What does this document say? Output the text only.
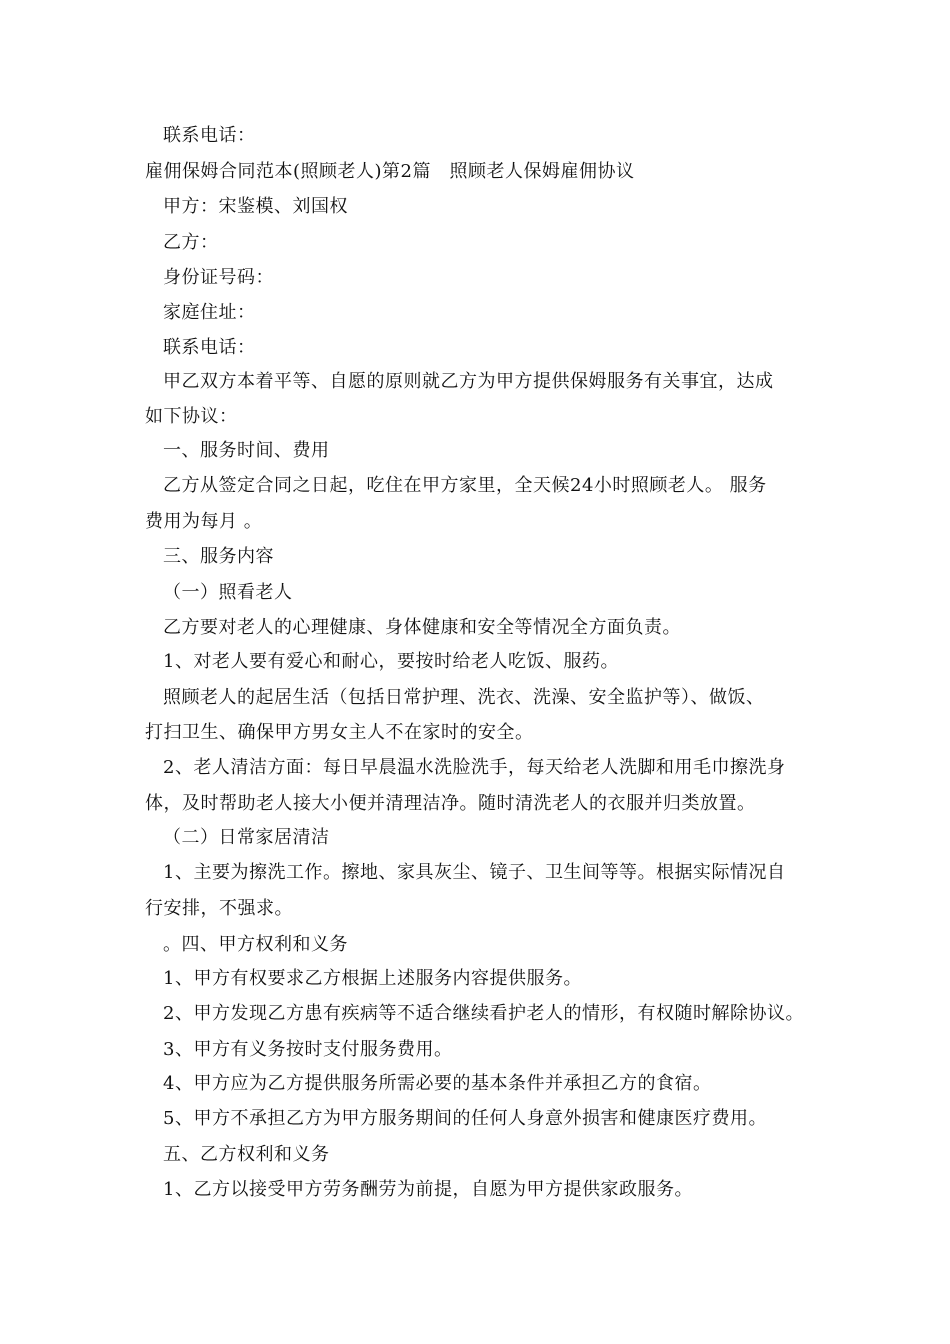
联系电话：
雇佣保姆合同范本(照顾老人)第2篇　照顾老人保姆雇佣协议
甲方：宋鉴模、刘国权
乙方：
身份证号码：
家庭住址：
联系电话：
甲乙双方本着平等、自愿的原则就乙方为甲方提供保姆服务有关事宜，达成
如下协议：
一、服务时间、费用
乙方从签定合同之日起，吃住在甲方家里，全天候24小时照顾老人。 服务
费用为每月 。
三、服务内容
（一）照看老人
乙方要对老人的心理健康、身体健康和安全等情况全方面负责。
1、对老人要有爱心和耐心，要按时给老人吃饭、服药。
照顾老人的起居生活（包括日常护理、洗衣、洗澡、安全监护等）、做饭、
打扫卫生、确保甲方男女主人不在家时的安全。
2、老人清洁方面：每日早晨温水洗脸洗手，每天给老人洗脚和用毛巾擦洗身
体，及时帮助老人接大小便并清理洁净。随时清洗老人的衣服并归类放置。
（二）日常家居清洁
1、主要为擦洗工作。擦地、家具灰尘、镜子、卫生间等等。根据实际情况自
行安排，不强求。
。四、甲方权利和义务
1、甲方有权要求乙方根据上述服务内容提供服务。
2、甲方发现乙方患有疾病等不适合继续看护老人的情形，有权随时解除协议。
3、甲方有义务按时支付服务费用。
4、甲方应为乙方提供服务所需必要的基本条件并承担乙方的食宿。
5、甲方不承担乙方为甲方服务期间的任何人身意外损害和健康医疗费用。
五、乙方权利和义务
1、乙方以接受甲方劳务酬劳为前提，自愿为甲方提供家政服务。
